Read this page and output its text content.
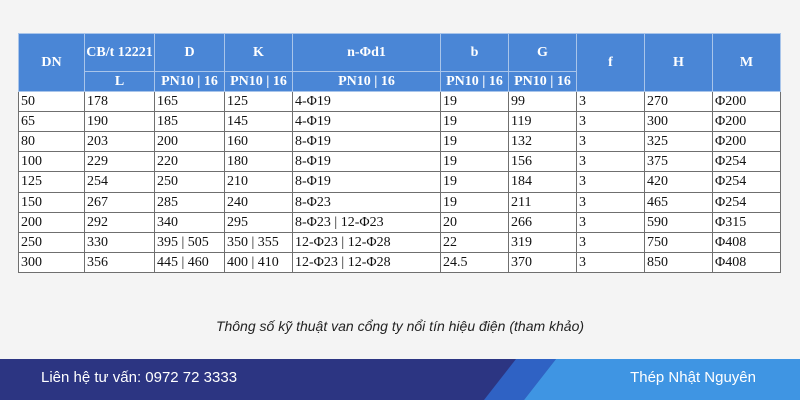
DN	CB/t 12221	D	K	n-Φd1	b	G	f	H	M
	L	PN10 | 16	PN10 | 16	PN10 | 16	PN10 | 16	PN10 | 16			
50	178	165	125	4-Φ19	19	99	3	270	Φ200
65	190	185	145	4-Φ19	19	119	3	300	Φ200
80	203	200	160	8-Φ19	19	132	3	325	Φ200
100	229	220	180	8-Φ19	19	156	3	375	Φ254
125	254	250	210	8-Φ19	19	184	3	420	Φ254
150	267	285	240	8-Φ23	19	211	3	465	Φ254
200	292	340	295	8-Φ23 | 12-Φ23	20	266	3	590	Φ315
250	330	395 | 505	350 | 355	12-Φ23 | 12-Φ28	22	319	3	750	Φ408
300	356	445 | 460	400 | 410	12-Φ23 | 12-Φ28	24.5	370	3	850	Φ408
Thông số kỹ thuật van cổng ty nổi tín hiệu điện (tham khảo)
Liên hệ tư vấn: 0972 72 3333	Thép Nhật Nguyên
